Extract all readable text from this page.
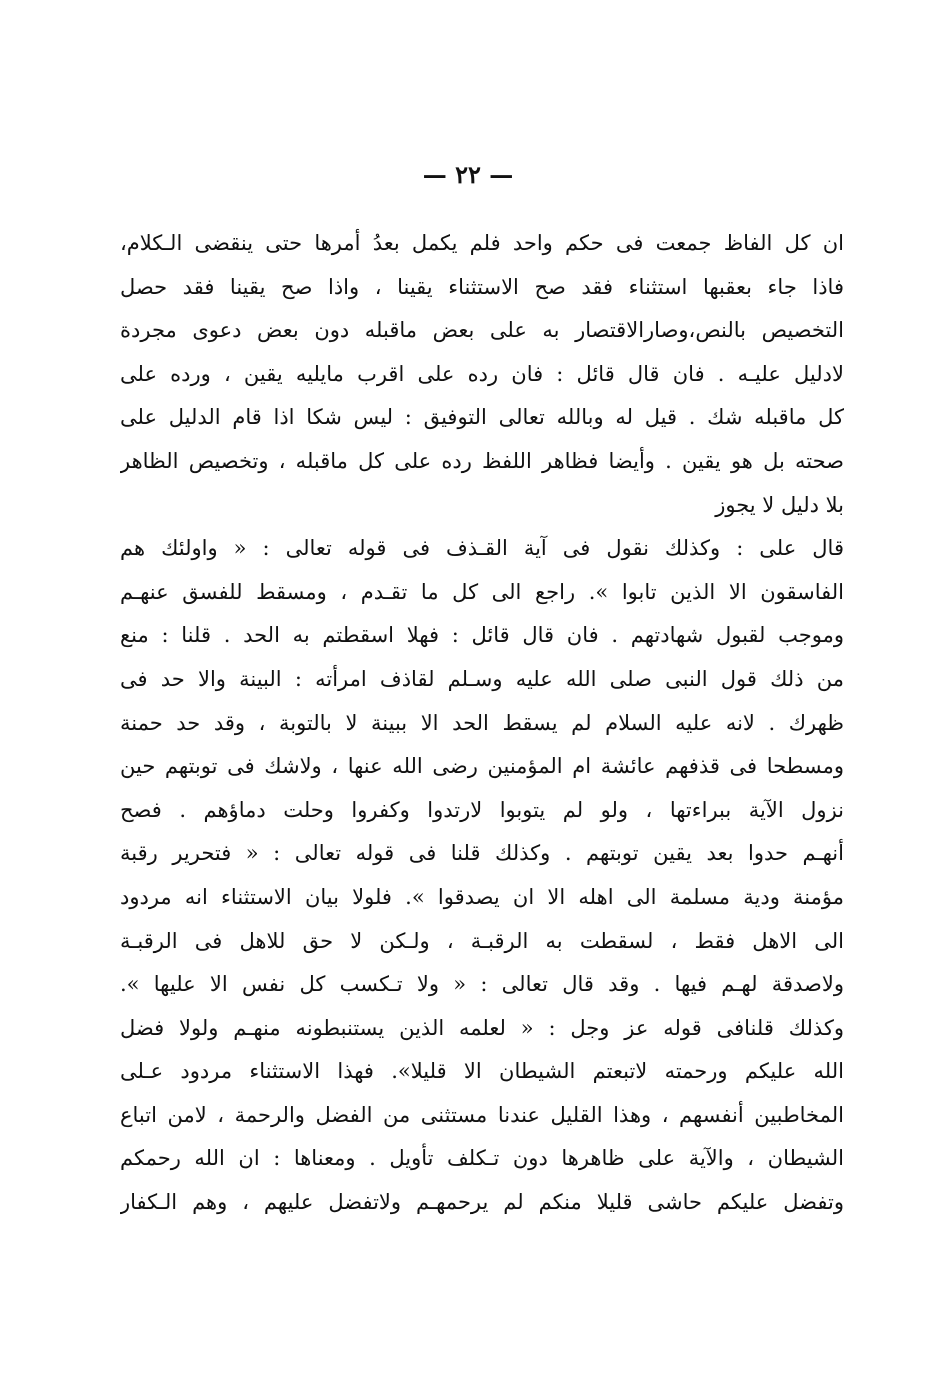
— ٢٢ —
ان كل الفاظ جمعت فى حكم واحد فلم يكمل بعدُ أمرها حتى ينقضى الـكلام،
فاذا جاء بعقبها استثناء فقد صح الاستثناء يقينا ، واذا صح يقينا فقد حصل
التخصيص بالنص،وصارالاقتصار به على بعض ماقبله دون بعض دعوى مجردة
لادليل عليـه . فان قال قائل : فان رده على اقرب مايليه يقين ، ورده على
كل ماقبله شك . قيل له وبالله تعالى التوفيق : ليس شكا اذا قام الدليل على
صحته بل هو يقين . وأيضا فظاهر اللفظ رده على كل ماقبله ، وتخصيص الظاهر
بلا دليل لا يجوز
قال على : وكذلك نقول فى آية القـذف فى قوله تعالى : « واولئك هم
الفاسقون الا الذين تابوا ». راجع الى كل ما تقـدم ، ومسقط للفسق عنهـم
وموجب لقبول شهادتهم . فان قال قائل : فهلا اسقطتم به الحد . قلنا : منع
من ذلك قول النبى صلى الله عليه وسـلم لقاذف امرأته : البينة والا حد فى
ظهرك . لانه عليه السلام لم يسقط الحد الا ببينة لا بالتوبة ، وقد حد حمنة
ومسطحا فى قذفهم عائشة ام المؤمنين رضى الله عنها ، ولاشك فى توبتهم حين
نزول الآية ببراءتها ، ولو لم يتوبوا لارتدوا وكفروا وحلت دماؤهم . فصح
أنهـم حدوا بعد يقين توبتهم . وكذلك قلنا فى قوله تعالى : « فتحرير رقبة
مؤمنة ودية مسلمة الى اهله الا ان يصدقوا ». فلولا بيان الاستثناء انه مردود
الى الاهل فقط ، لسقطت به الرقبـة ، ولـكن لا حق للاهل فى الرقبـة
ولاصدقة لهـم فيها . وقد قال تعالى : « ولا تـكسب كل نفس الا عليها ».
وكذلك قلنافى قوله عز وجل : « لعلمه الذين يستنبطونه منهـم ولولا فضل
الله عليكم ورحمته لاتبعتم الشيطان الا قليلا». فهذا الاستثناء مردود عـلى
المخاطبين أنفسهم ، وهذا القليل عندنا مستثنى من الفضل والرحمة ، لامن اتباع
الشيطان ، والآية على ظاهرها دون تـكلف تأويل . ومعناها : ان الله رحمكم
وتفضل عليكم حاشى قليلا منكم لم يرحمهـم ولاتفضل عليهم ، وهم الـكفار
